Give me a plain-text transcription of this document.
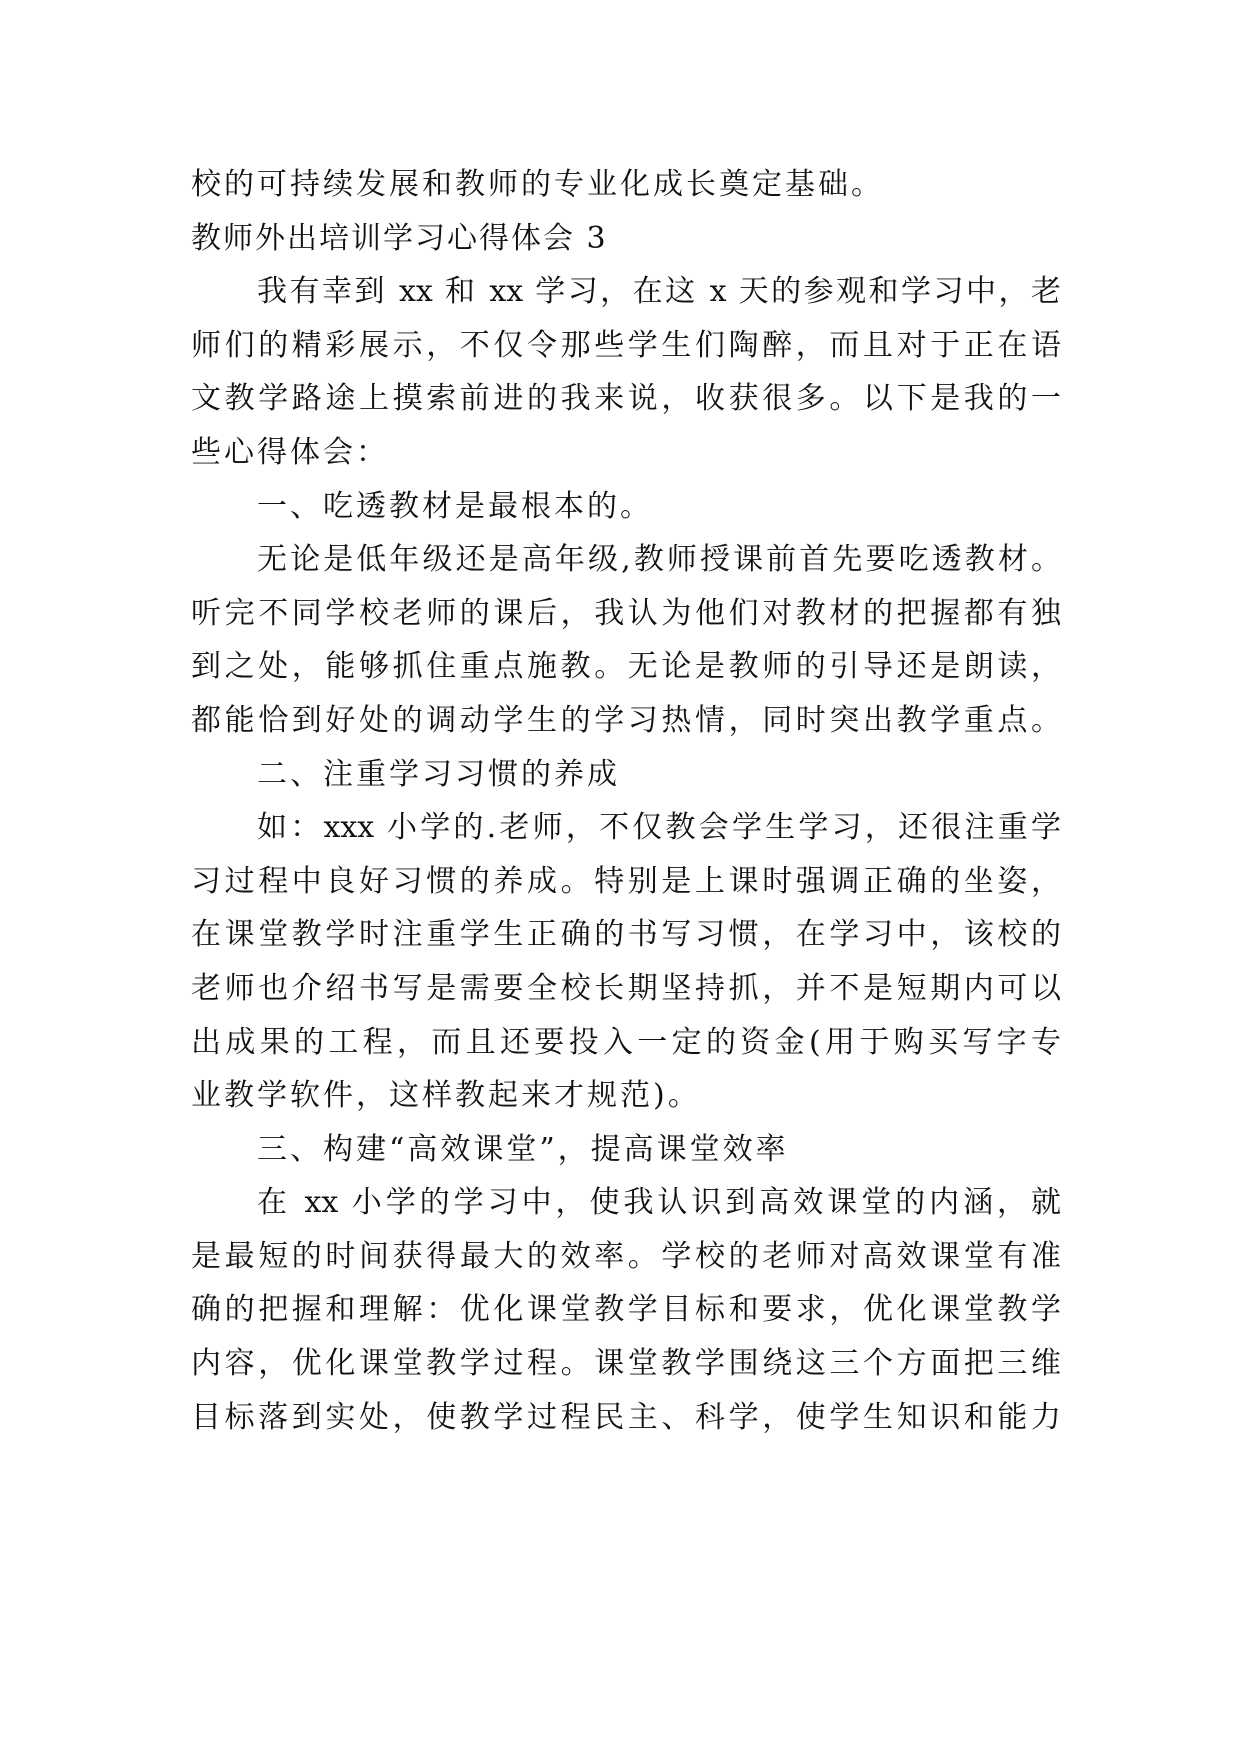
校的可持续发展和教师的专业化成长奠定基础。
教师外出培训学习心得体会 3
我有幸到 xx 和 xx 学习，在这 x 天的参观和学习中，老
师们的精彩展示，不仅令那些学生们陶醉，而且对于正在语
文教学路途上摸索前进的我来说，收获很多。以下是我的一
些心得体会：
一、吃透教材是最根本的。
无论是低年级还是高年级,教师授课前首先要吃透教材。
听完不同学校老师的课后，我认为他们对教材的把握都有独
到之处，能够抓住重点施教。无论是教师的引导还是朗读，
都能恰到好处的调动学生的学习热情，同时突出教学重点。
二、注重学习习惯的养成
如：xxx 小学的.老师，不仅教会学生学习，还很注重学
习过程中良好习惯的养成。特别是上课时强调正确的坐姿，
在课堂教学时注重学生正确的书写习惯，在学习中，该校的
老师也介绍书写是需要全校长期坚持抓，并不是短期内可以
出成果的工程，而且还要投入一定的资金(用于购买写字专
业教学软件，这样教起来才规范)。
三、构建“高效课堂”，提高课堂效率
在 xx 小学的学习中，使我认识到高效课堂的内涵，就
是最短的时间获得最大的效率。学校的老师对高效课堂有准
确的把握和理解：优化课堂教学目标和要求，优化课堂教学
内容，优化课堂教学过程。课堂教学围绕这三个方面把三维
目标落到实处，使教学过程民主、科学，使学生知识和能力
